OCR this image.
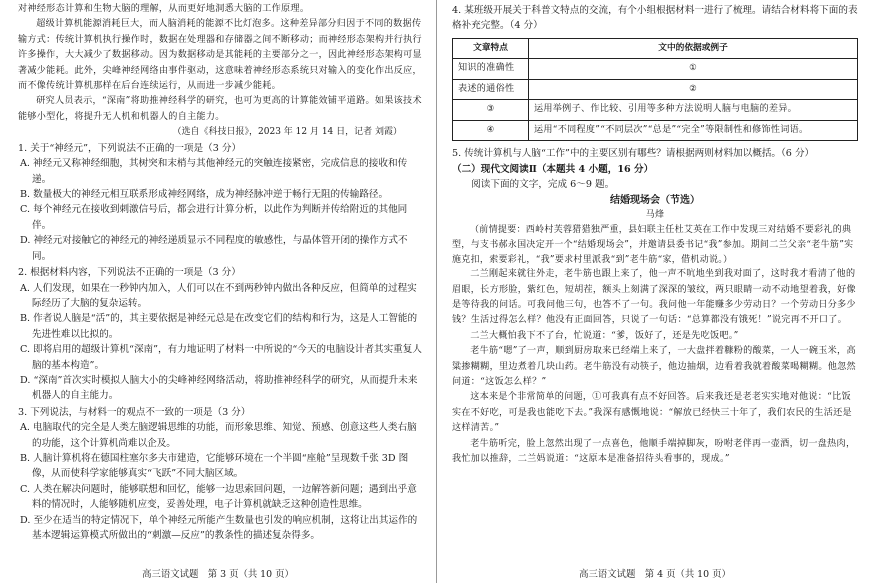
对神经形态计算和生物大脑的理解，从而更好地洞悉大脑的工作原理。

超级计算机能源消耗巨大，而人脑消耗的能源不比灯泡多。这种差异部分归因于不同的数据传输方式：传统计算机执行操作时，数据在处理器和存储器之间不断移动；而神经形态架构并行执行许多操作，大大减少了数据移动。因为数据移动是其能耗的主要部分之一，因此神经形态架构可显著减少能耗。此外，尖峰神经网络由事件驱动，这意味着神经形态系统只对输入的变化作出反应，而不像传统计算机那样在后台连续运行，从而进一步减少能耗。

研究人员表示，“深南”将助推神经科学的研究，也可为更高的计算能效铺平道路。如果该技术能够小型化，将提升无人机和机器人的自主能力。

（选自《科技日报》，2023 年 12 月 14 日，记者 刘霞）

1. 关于“神经元”，下列说法不正确的一项是（3 分）

A. 神经元又称神经细胞，其树突和末梢与其他神经元的突触连接紧密，完成信息的接收和传递。

B. 数量极大的神经元相互联系形成神经网络，成为神经脉冲逆于畅行无阻的传输路径。

C. 每个神经元在接收到刺激信号后，都会进行计算分析，以此作为判断并传给附近的其他同伴。

D. 神经元对接触它的神经元的神经递质显示不同程度的敏感性，与晶体管开闭的操作方式不同。

2. 根据材料内容，下列说法不正确的一项是（3 分）

A. 人们发现，如果在一秒钟内加入，人们可以在不到两秒钟内做出各种反应，但简单的过程实际经历了大脑的复杂运转。

B. 作者说人脑是“活”的，其主要依据是神经元总是在改变它们的结构和行为，这是人工智能的先进性难以比拟的。

C. 即将启用的超级计算机“深南”，有力地证明了材料一中所说的“今天的电脑设计者其实重复人脑的基本构造”。

D. “深南”首次实时模拟人脑大小的尖峰神经网络活动，将助推神经科学的研究，从而提升未来机器人的自主能力。

3. 下列说法，与材料一的观点不一致的一项是（3 分）

A. 电脑取代的完全是人类左脑逻辑思维的功能，而形象思维、知觉、预感、创意这些人类右脑的功能，这个计算机尚难以企及。

B. 人脑计算机将在德国柱塞尔多夫市建造，它能够环境在一个半圆“座舱”呈现数千张 3D 图像，从而使科学家能够真实“飞跃”不同大脑区域。

C. 人类在解决问题时，能够联想和回忆，能够一边思索回问题，一边解答新问题；遇到出乎意料的情况时，人能够随机应变，妥善处理，电子计算机就缺乏这种创造性思维。

D. 至少在适当的特定情况下，单个神经元所能产生数量也引发的响应机制，这将让出其运作的基本逻辑运算模式所做出的“刺激—反应”的教条性的描述复杂得多。

高三语文试题　第 3 页（共 10 页）

4. 某班级开展关于科普文特点的交流，有个小组根据材料一进行了梳理。请结合材料将下面的表格补充完整。（4 分）

文章特点	文中的依据或例子
知识的准确性	①
表述的通俗性	②
③	运用举例子、作比较、引用等多种方法说明人脑与电脑的差异。
④	运用“不同程度”“不同层次”“总是”“完全”等限制性和修饰性词语。

5. 传统计算机与人脑“工作”中的主要区别有哪些？请根据两则材料加以概括。（6 分）

（二）现代文阅读Ⅱ（本题共 4 小题，16 分）

阅读下面的文字，完成 6～9 题。

结婚现场会（节选）

马烽

（前情提要：西岭村芙蓉猎猎独严重，县妇联主任杜艾英在工作中发现三对结婚不要彩礼的典型，与支书郝永国决定开一个“结婚现场会”，并邀请县委书记“我”参加。期间二兰父亲“老牛筋”实施克扣，索要彩礼，“我”要求村里派我“到”老牛筋“家，借机动说。）

二兰刚起来就往外走，老牛筋也跟上来了，他一声不吭地坐到我对面了，这时我才看清了他的眉眼，长方形脸，紫红色，短胡茬，额头上刻满了深深的皱纹，两只眼睛一动不动地望着我，好像是等待我的问话。可我问他三句，也答不了一句。我问他一年能赚多少劳动日？一个劳动日分多少钱？生活过得怎么样？他没有正面回答，只说了一句话：“总算都没有饿死！”说完再不开口了。

二兰大概怕我下不了台，忙说道：“爹，饭好了，还是先吃饭吧。”

老牛筋“嗯”了一声，顺到厨房取来已经端上来了，一大盘拌着糠粉的酸菜，一人一碗玉米，高粱掺糊糊，里边煮着几块山药。老牛筋没有动筷子，他边抽烟，边看着我就着酸菜喝糊糊。他忽然问道：“这饭怎么样？”

这本来是个非常简单的问题，①可我真有点不好回答。后来我还是老老实实地对他说：“比饭实在不好吃，可是我也能吃下去。”我深有感慨地说：“解放已经快三十年了，我们农民的生活还是这样清苦。”

老牛筋听完，脸上忽然出现了一点喜色，他顺手端掉脚灰，吩咐老伴再一壶酒，切一盘热肉，我忙加以推辞，二兰妈说道：“这原本是准备招待头看事的，现成。”

高三语文试题　第 4 页（共 10 页）
